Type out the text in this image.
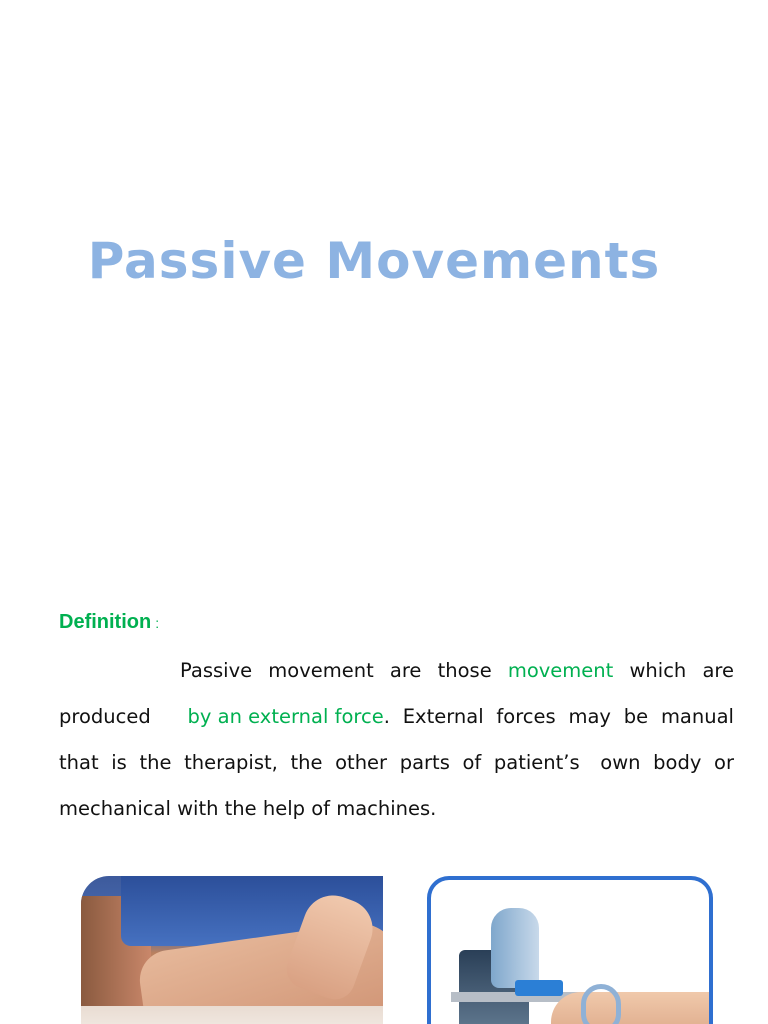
Passive Movements
Definition :
Passive movement are those movement which are
produced by an external force. External forces may be manual
that is the therapist, the other parts of patient’s own body or
mechanical with the help of machines.
